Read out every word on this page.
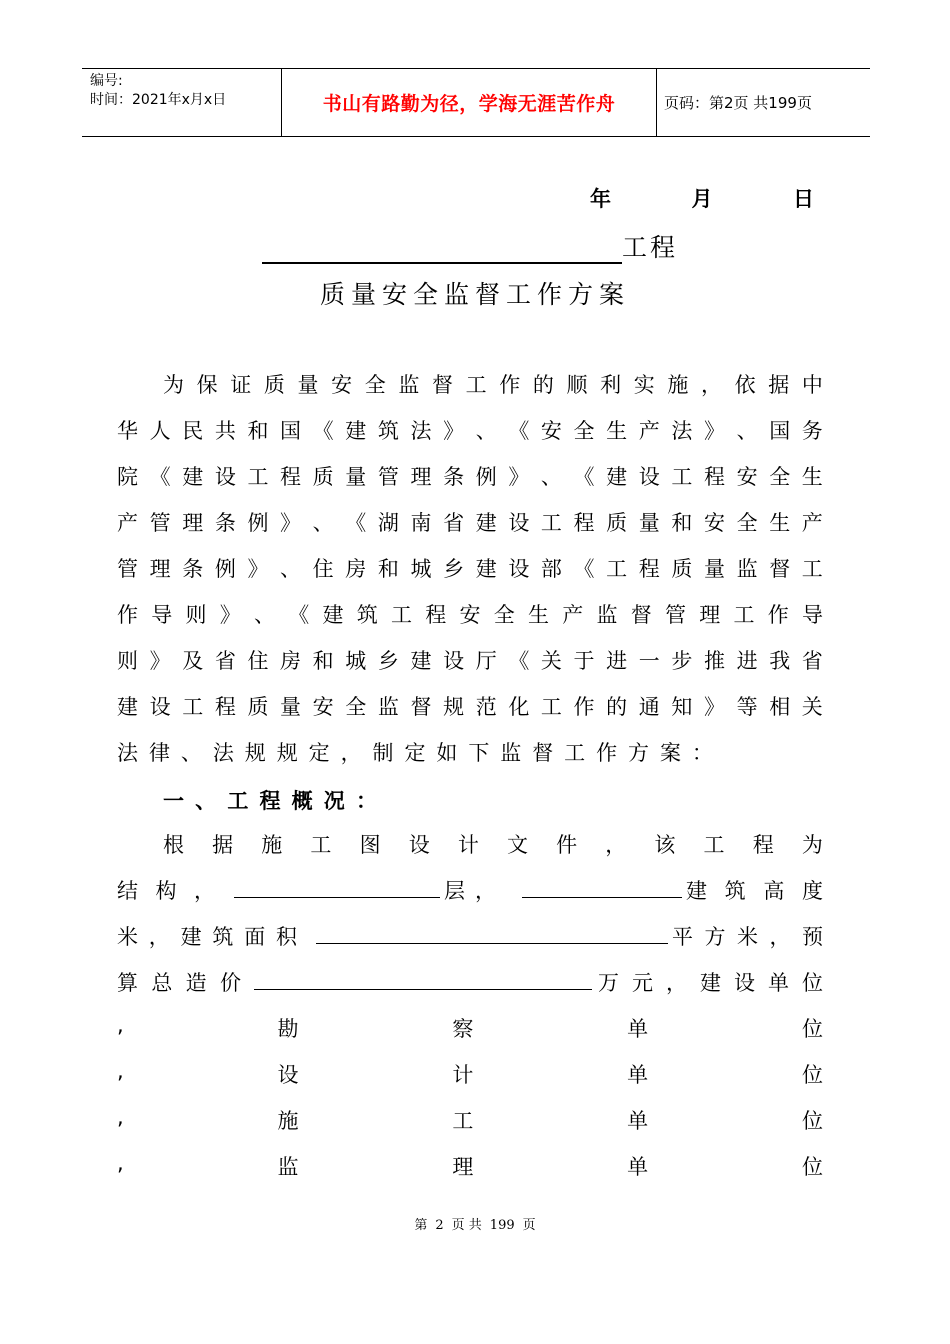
编号:
时间：2021年x月x日	书山有路勤为径，学海无涯苦作舟	页码：第2页 共199页
年	月	日
工程
质量安全监督工作方案
为 保 证 质 量 安 全 监 督 工 作 的 顺 利 实 施 ， 依 据 中
华 人 民 共 和 国 《 建 筑 法 》 、 《 安 全 生 产 法 》 、 国 务
院 《 建 设 工 程 质 量 管 理 条 例 》 、 《 建 设 工 程 安 全 生
产 管 理 条 例 》 、 《 湖 南 省 建 设 工 程 质 量 和 安 全 生 产
管 理 条 例 》 、 住 房 和 城 乡 建 设 部 《 工 程 质 量 监 督 工
作 导 则 》 、 《 建 筑 工 程 安 全 生 产 监 督 管 理 工 作 导
则 》 及 省 住 房 和 城 乡 建 设 厅 《 关 于 进 一 步 推 进 我 省
建 设 工 程 质 量 安 全 监 督 规 范 化 工 作 的 通 知 》 等 相 关
法 律 、 法 规 规 定 ， 制 定 如 下 监 督 工 作 方 案 ：
一 、 工 程 概 况 ：
根 据 施 工 图 设 计 文 件 ， 该 工 程 为
结 构 ，	层 ，	建 筑 高 度
米 ， 建 筑 面 积	平 方 米 ， 预
算 总 造 价	万 元 ， 建 设 单 位
,	勘	察	单	位
,	设	计	单	位
,	施	工	单	位
,	监	理	单	位
第 2 页 共 199 页
